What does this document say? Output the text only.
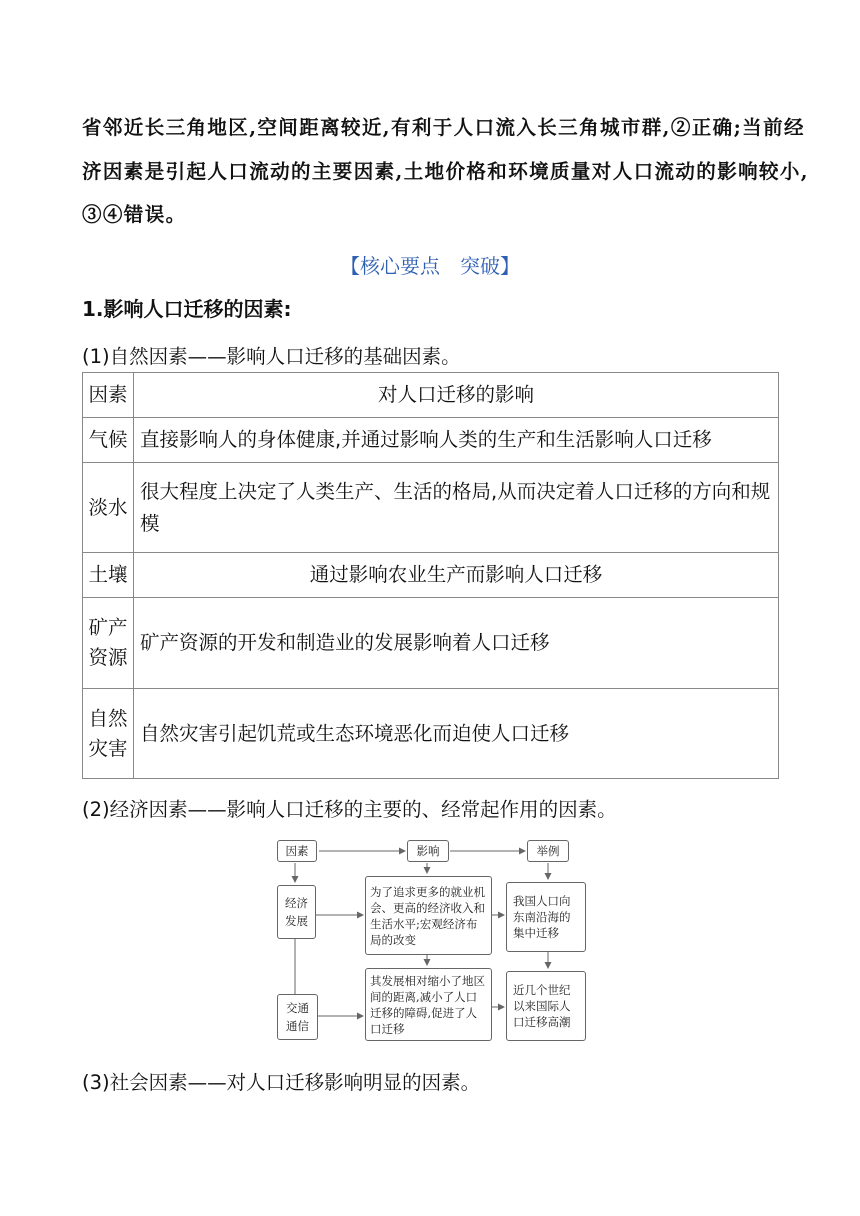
省邻近长三角地区,空间距离较近,有利于人口流入长三角城市群,②正确;当前经
济因素是引起人口流动的主要因素,土地价格和环境质量对人口流动的影响较小,
③④错误。
【核心要点　突破】
1.影响人口迁移的因素:
(1)自然因素——影响人口迁移的基础因素。
因素	对人口迁移的影响
气候	直接影响人的身体健康,并通过影响人类的生产和生活影响人口迁移
淡水	很大程度上决定了人类生产、生活的格局,从而决定着人口迁移的方向和规模
土壤	通过影响农业生产而影响人口迁移
矿产资源	矿产资源的开发和制造业的发展影响着人口迁移
自然灾害	自然灾害引起饥荒或生态环境恶化而迫使人口迁移
(2)经济因素——影响人口迁移的主要的、经常起作用的因素。
因素	影响	举例
经济发展
为了追求更多的就业机会、更高的经济收入和生活水平;宏观经济布局的改变
我国人口向东南沿海的集中迁移
交通通信
其发展相对缩小了地区间的距离,减小了人口迁移的障碍,促进了人口迁移
近几个世纪以来国际人口迁移高潮
(3)社会因素——对人口迁移影响明显的因素。
